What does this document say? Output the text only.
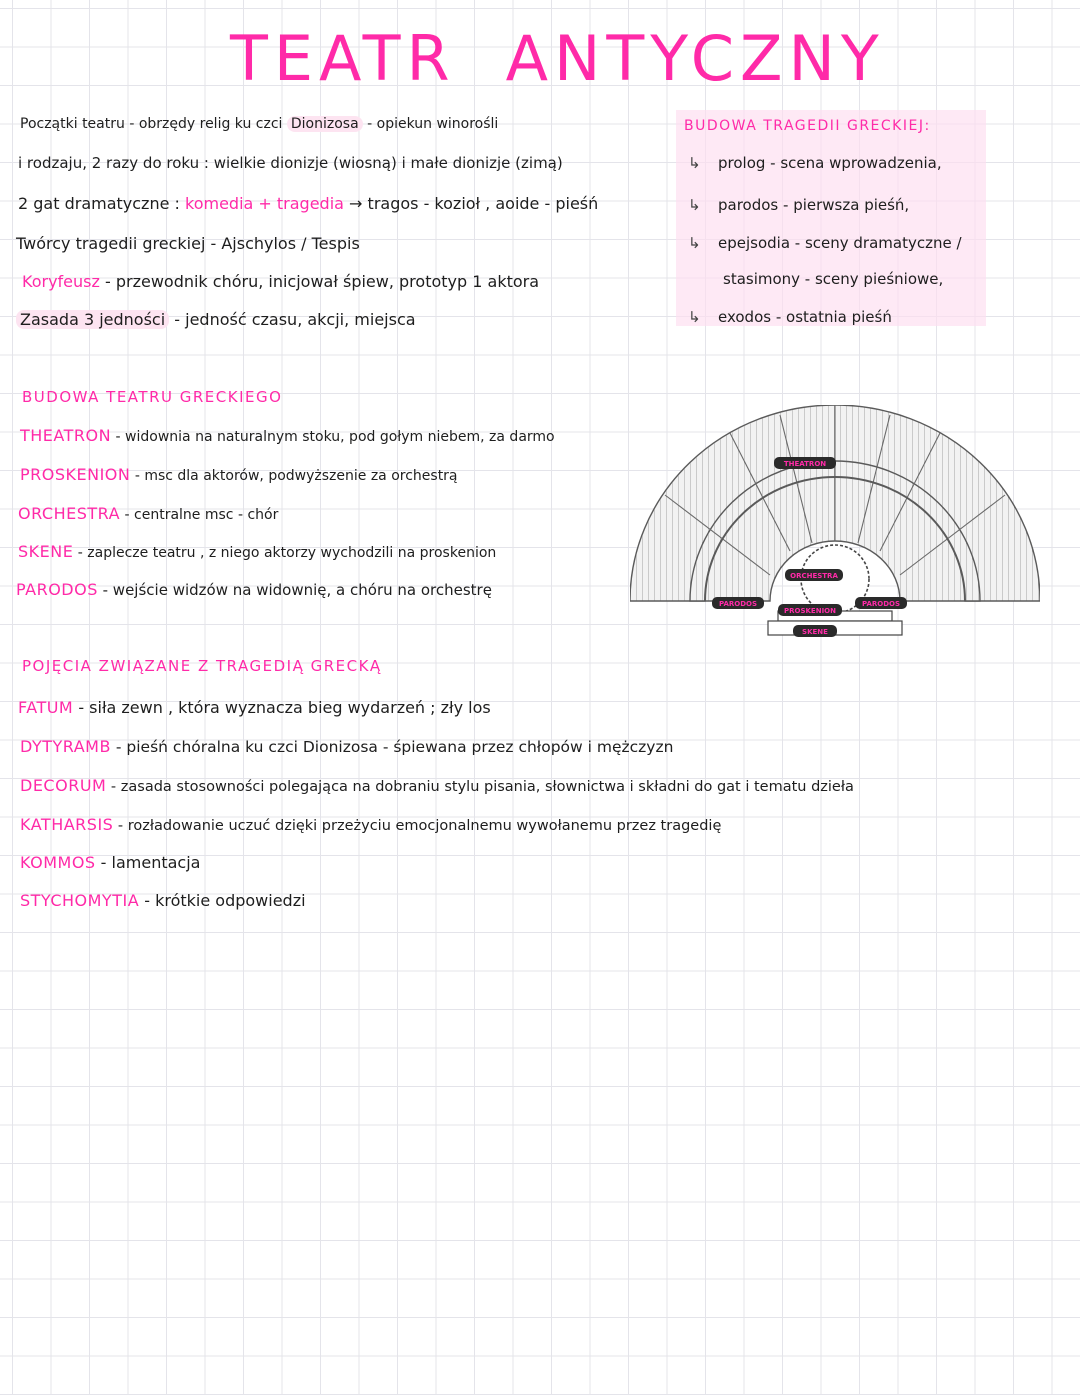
TEATR ANTYCZNY
Początki teatru - obrzędy relig ku czci Dionizosa - opiekun winorośli
i rodzaju, 2 razy do roku : wielkie dionizje (wiosną) i małe dionizje (zimą)
2 gat dramatyczne : komedia + tragedia → tragos - kozioł , aoide - pieśń
Twórcy tragedii greckiej - Ajschylos / Tespis
Koryfeusz - przewodnik chóru, inicjował śpiew, prototyp 1 aktora
Zasada 3 jedności - jedność czasu, akcji, miejsca
BUDOWA TRAGEDII GRECKIEJ:
↳ prolog - scena wprowadzenia,
↳ parodos - pierwsza pieśń,
↳ epejsodia - sceny dramatyczne /
stasimony - sceny pieśniowe,
↳ exodos - ostatnia pieśń
BUDOWA TEATRU GRECKIEGO
THEATRON - widownia na naturalnym stoku, pod gołym niebem, za darmo
PROSKENION - msc dla aktorów, podwyższenie za orchestrą
ORCHESTRA - centralne msc - chór
SKENE - zaplecze teatru , z niego aktorzy wychodzili na proskenion
PARODOS - wejście widzów na widownię, a chóru na orchestrę
THEATRON
ORCHESTRA
PARODOS	PARODOS
PROSKENION
SKENE
POJĘCIA ZWIĄZANE Z TRAGEDIĄ GRECKĄ
FATUM - siła zewn , która wyznacza bieg wydarzeń ; zły los
DYTYRAMB - pieśń chóralna ku czci Dionizosa - śpiewana przez chłopów i mężczyzn
DECORUM - zasada stosowności polegająca na dobraniu stylu pisania, słownictwa i składni do gat i tematu dzieła
KATHARSIS - rozładowanie uczuć dzięki przeżyciu emocjonalnemu wywołanemu przez tragedię
KOMMOS - lamentacja
STYCHOMYTIA - krótkie odpowiedzi
